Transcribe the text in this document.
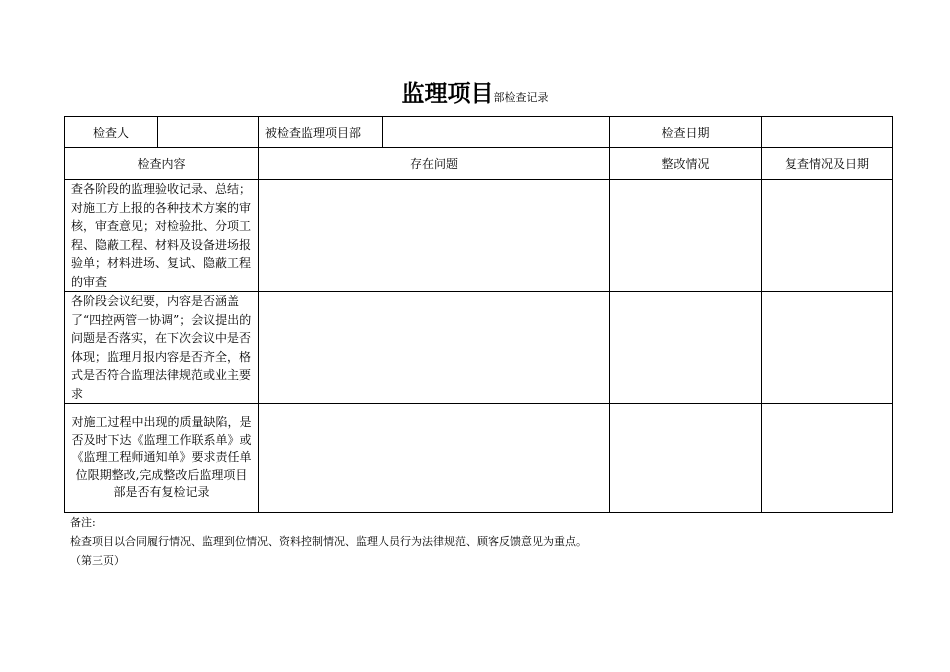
监理项目部检查记录
检查人		被检查监理项目部		检查日期	
检查内容		存在问题		整改情况	复查情况及日期
查各阶段的监理验收记录、总结；对施工方上报的各种技术方案的审核，审查意见；对检验批、分项工程、隐蔽工程、材料及设备进场报验单；材料进场、复试、隐蔽工程的审查					
各阶段会议纪要，内容是否涵盖了“四控两管一协调”；会议提出的问题是否落实，在下次会议中是否体现；监理月报内容是否齐全，格式是否符合监理法律规范或业主要求					
对施工过程中出现的质量缺陷，是否及时下达《监理工作联系单》或《监理工程师通知单》要求责任单位限期整改,完成整改后监理项目部是否有复检记录					
备注:
检查项目以合同履行情况、监理到位情况、资料控制情况、监理人员行为法律规范、顾客反馈意见为重点。
（第三页）
